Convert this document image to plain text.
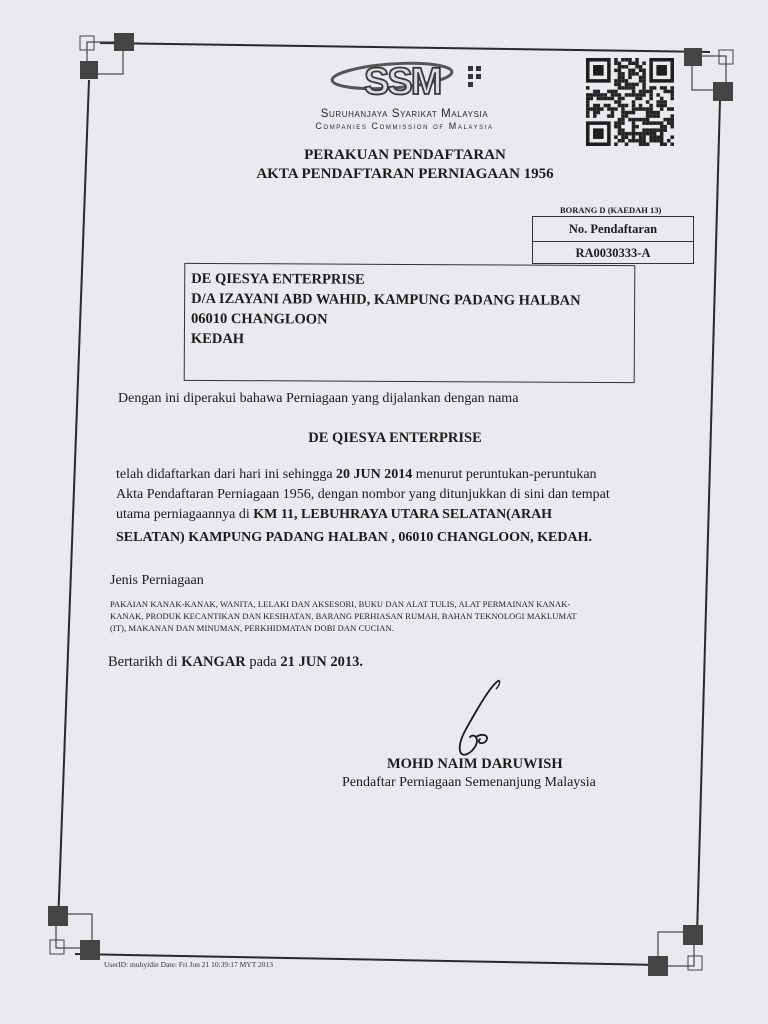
SSM
Suruhanjaya Syarikat Malaysia
Companies Commission of Malaysia
PERAKUAN PENDAFTARAN
AKTA PENDAFTARAN PERNIAGAAN 1956
BORANG D (KAEDAH 13)
No. Pendaftaran
RA0030333-A
DE QIESYA ENTERPRISE
D/A IZAYANI ABD WAHID, KAMPUNG PADANG HALBAN
06010 CHANGLOON
KEDAH
Dengan ini diperakui bahawa Perniagaan yang dijalankan dengan nama
DE QIESYA ENTERPRISE
telah didaftarkan dari hari ini sehingga 20 JUN 2014 menurut peruntukan-peruntukan
Akta Pendaftaran Perniagaan 1956, dengan nombor yang ditunjukkan di sini dan tempat
utama perniagaannya di KM 11, LEBUHRAYA UTARA SELATAN(ARAH
SELATAN) KAMPUNG PADANG HALBAN , 06010 CHANGLOON, KEDAH.
Jenis Perniagaan
PAKAIAN KANAK-KANAK, WANITA, LELAKI DAN AKSESORI, BUKU DAN ALAT TULIS, ALAT PERMAINAN KANAK-
KANAK, PRODUK KECANTIKAN DAN KESIHATAN, BARANG PERHIASAN RUMAH, BAHAN TEKNOLOGI MAKLUMAT
(IT), MAKANAN DAN MINUMAN, PERKHIDMATAN DOBI DAN CUCIAN.
Bertarikh di KANGAR pada 21 JUN 2013.
MOHD NAIM DARUWISH
Pendaftar Perniagaan Semenanjung Malaysia
UserID: muhyidin Date: Fri Jun 21 10:39:17 MYT 2013
